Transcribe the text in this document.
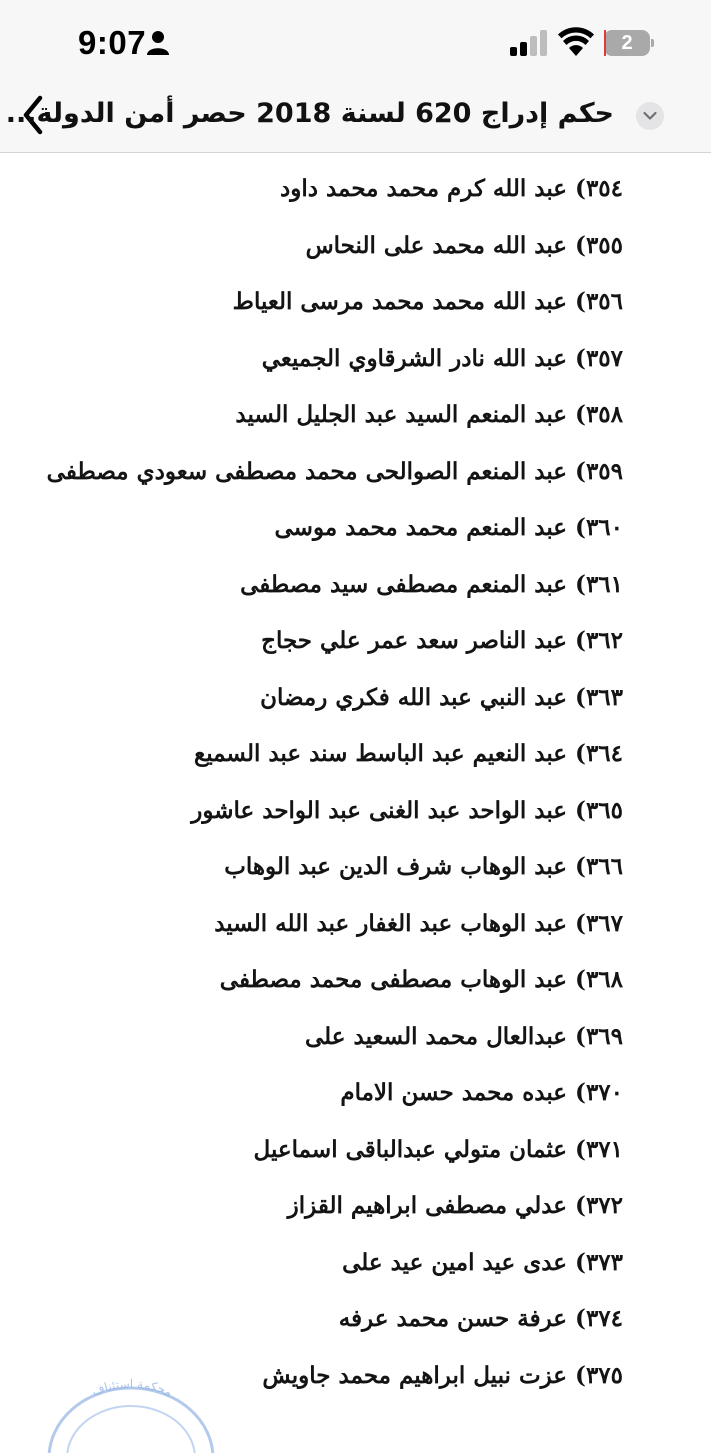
9:07	2
حكم إدراج 620 لسنة 2018 حصر أمن الدولة...
٣٥٤) عبد الله كرم محمد محمد داود
٣٥٥) عبد الله محمد على النحاس
٣٥٦) عبد الله محمد محمد مرسى العياط
٣٥٧) عبد الله نادر الشرقاوي الجميعي
٣٥٨) عبد المنعم السيد عبد الجليل السيد
٣٥٩) عبد المنعم الصوالحى محمد مصطفى سعودي مصطفى
٣٦٠) عبد المنعم محمد محمد موسى
٣٦١) عبد المنعم مصطفى سيد مصطفى
٣٦٢) عبد الناصر سعد عمر علي حجاج
٣٦٣) عبد النبي عبد الله فكري رمضان
٣٦٤) عبد النعيم عبد الباسط سند عبد السميع
٣٦٥) عبد الواحد عبد الغنى عبد الواحد عاشور
٣٦٦) عبد الوهاب شرف الدين عبد الوهاب
٣٦٧) عبد الوهاب عبد الغفار عبد الله السيد
٣٦٨) عبد الوهاب مصطفى محمد مصطفى
٣٦٩) عبدالعال محمد السعيد على
٣٧٠) عبده محمد حسن الامام
٣٧١) عثمان متولي عبدالباقى اسماعيل
٣٧٢) عدلي مصطفى ابراهيم القزاز
٣٧٣) عدى عيد امين عيد على
٣٧٤) عرفة حسن محمد عرفه
٣٧٥) عزت نبيل ابراهيم محمد جاويش
محكمة استئناف
